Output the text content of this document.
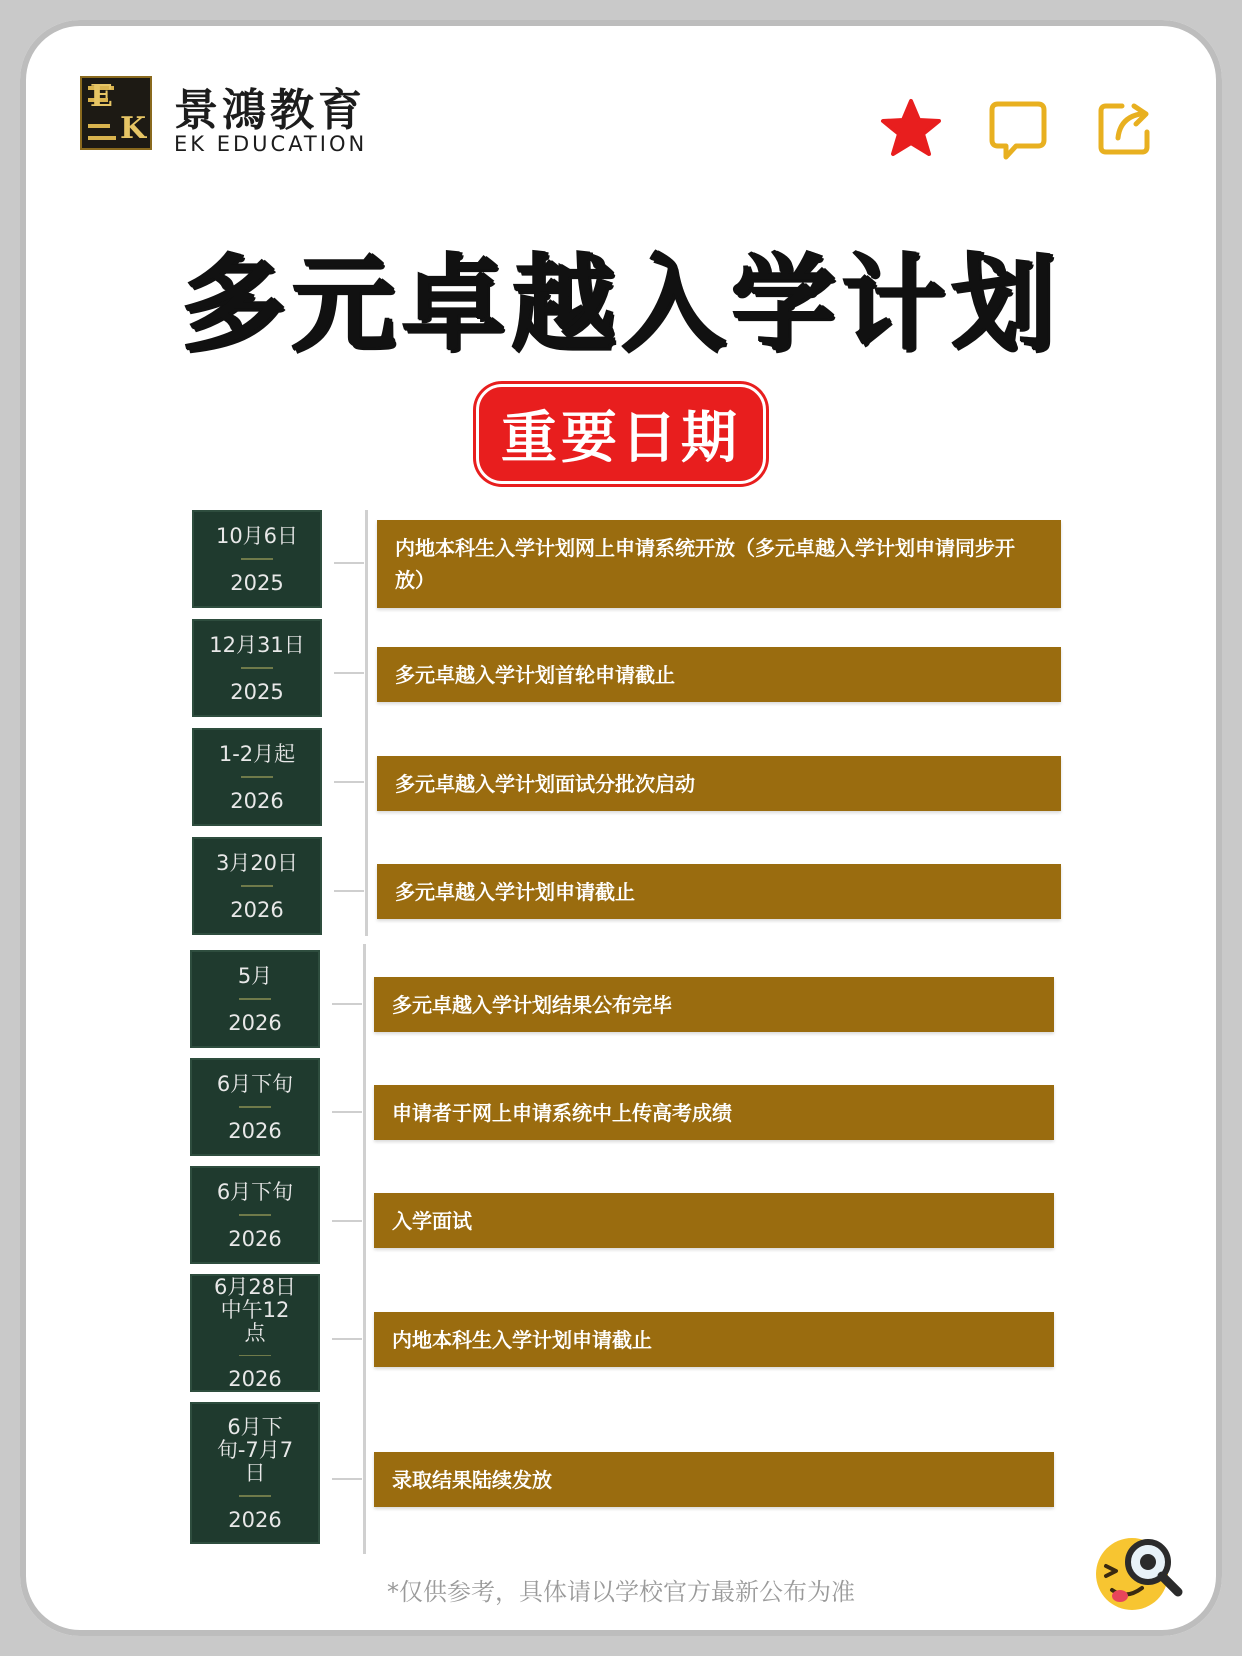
E
K 景鴻教育
EK EDUCATION
多元卓越入学计划
重要日期
10月6日
2025
内地本科生入学计划网上申请系统开放（多元卓越入学计划申请同步开放）
12月31日
2025
多元卓越入学计划首轮申请截止
1-2月起
2026
多元卓越入学计划面试分批次启动
3月20日
2026
多元卓越入学计划申请截止
5月
2026
多元卓越入学计划结果公布完毕
6月下旬
2026
申请者于网上申请系统中上传高考成绩
6月下旬
2026
入学面试
6月28日 中午12点
2026
内地本科生入学计划申请截止
6月下旬-7月7日
2026
录取结果陆续发放
*仅供参考，具体请以学校官方最新公布为准
